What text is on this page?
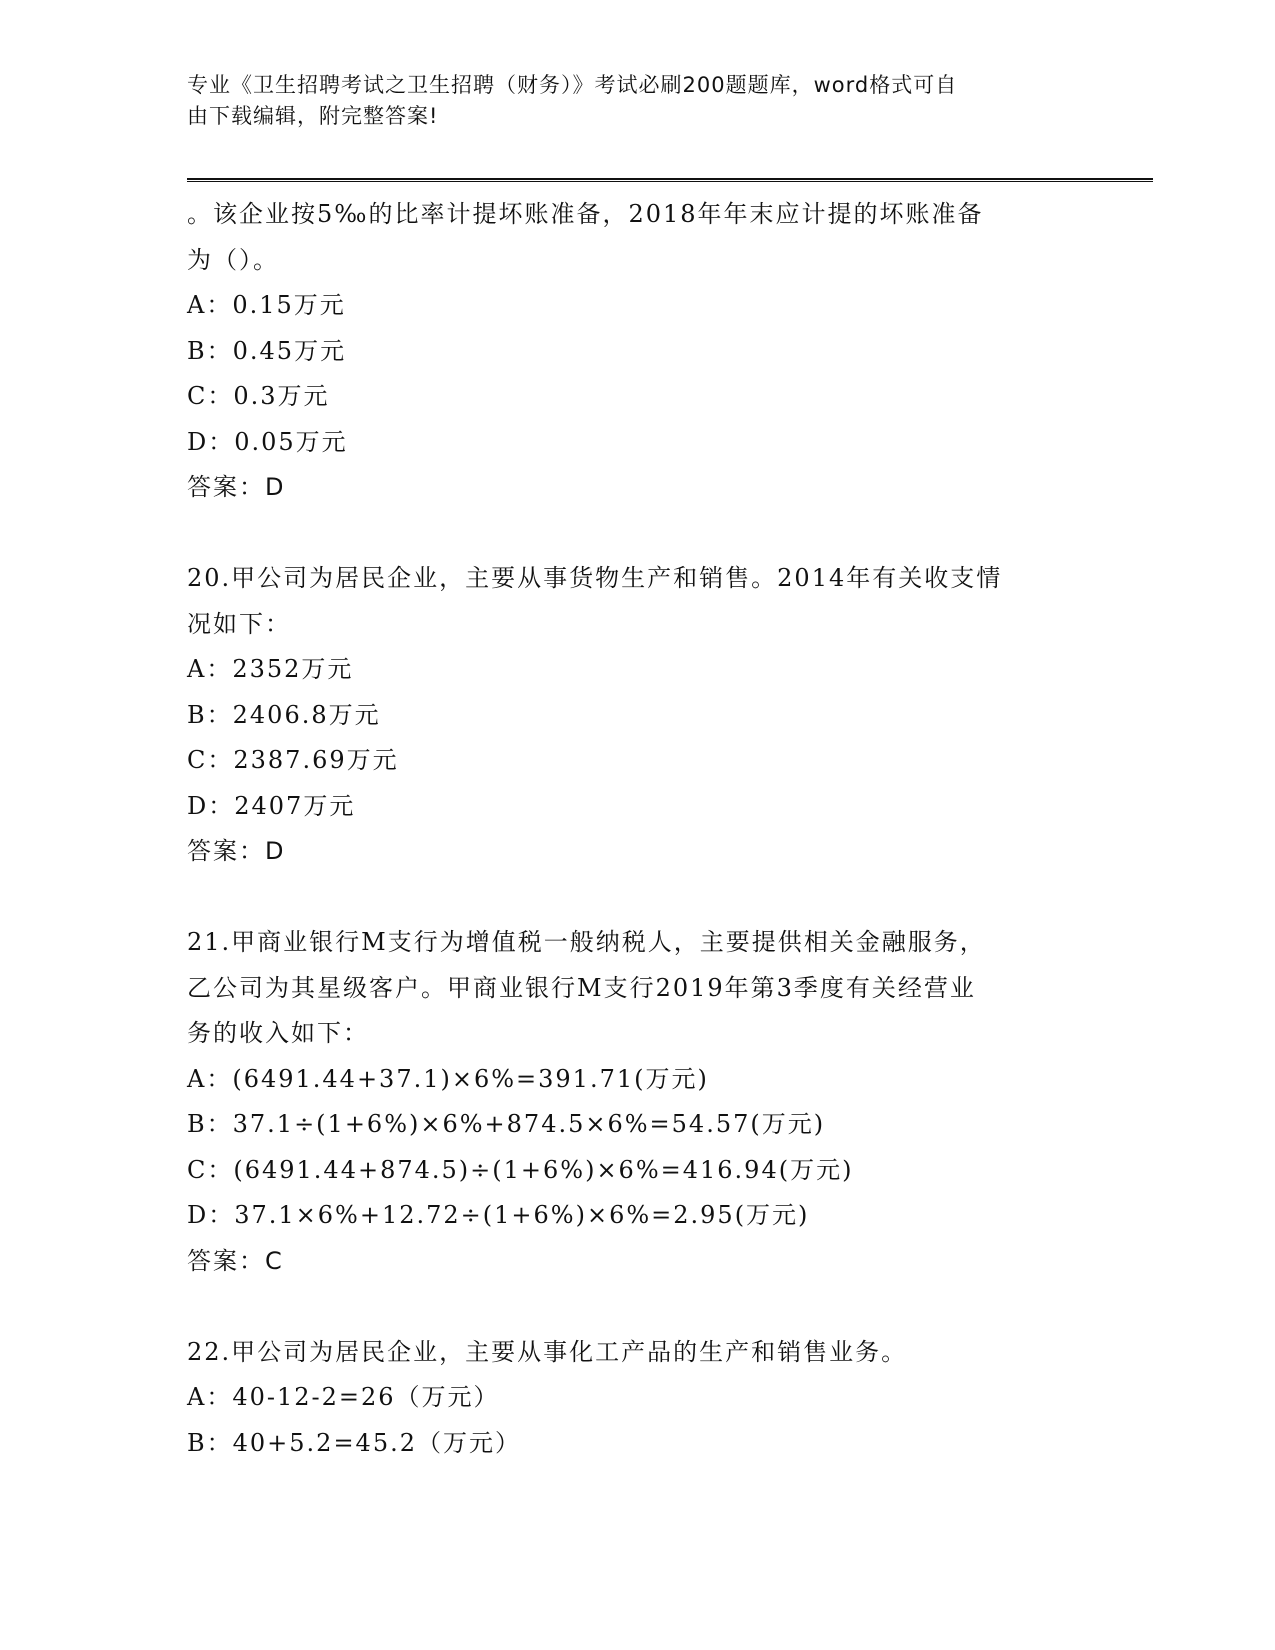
专业《卫生招聘考试之卫生招聘（财务）》考试必刷200题题库，word格式可自
由下载编辑，附完整答案!
。该企业按5‰的比率计提坏账准备，2018年年末应计提的坏账准备
为（）。
A：0.15万元
B：0.45万元
C：0.3万元
D：0.05万元
答案：D
20.甲公司为居民企业，主要从事货物生产和销售。2014年有关收支情
况如下：
A：2352万元
B：2406.8万元
C：2387.69万元
D：2407万元
答案：D
21.甲商业银行M支行为增值税一般纳税人，主要提供相关金融服务，
乙公司为其星级客户。甲商业银行M支行2019年第3季度有关经营业
务的收入如下：
A：(6491.44+37.1)×6%=391.71(万元)
B：37.1÷(1+6%)×6%+874.5×6%=54.57(万元)
C：(6491.44+874.5)÷(1+6%)×6%=416.94(万元)
D：37.1×6%+12.72÷(1+6%)×6%=2.95(万元)
答案：C
22.甲公司为居民企业，主要从事化工产品的生产和销售业务。
A：40-12-2=26（万元）
B：40+5.2=45.2（万元）
